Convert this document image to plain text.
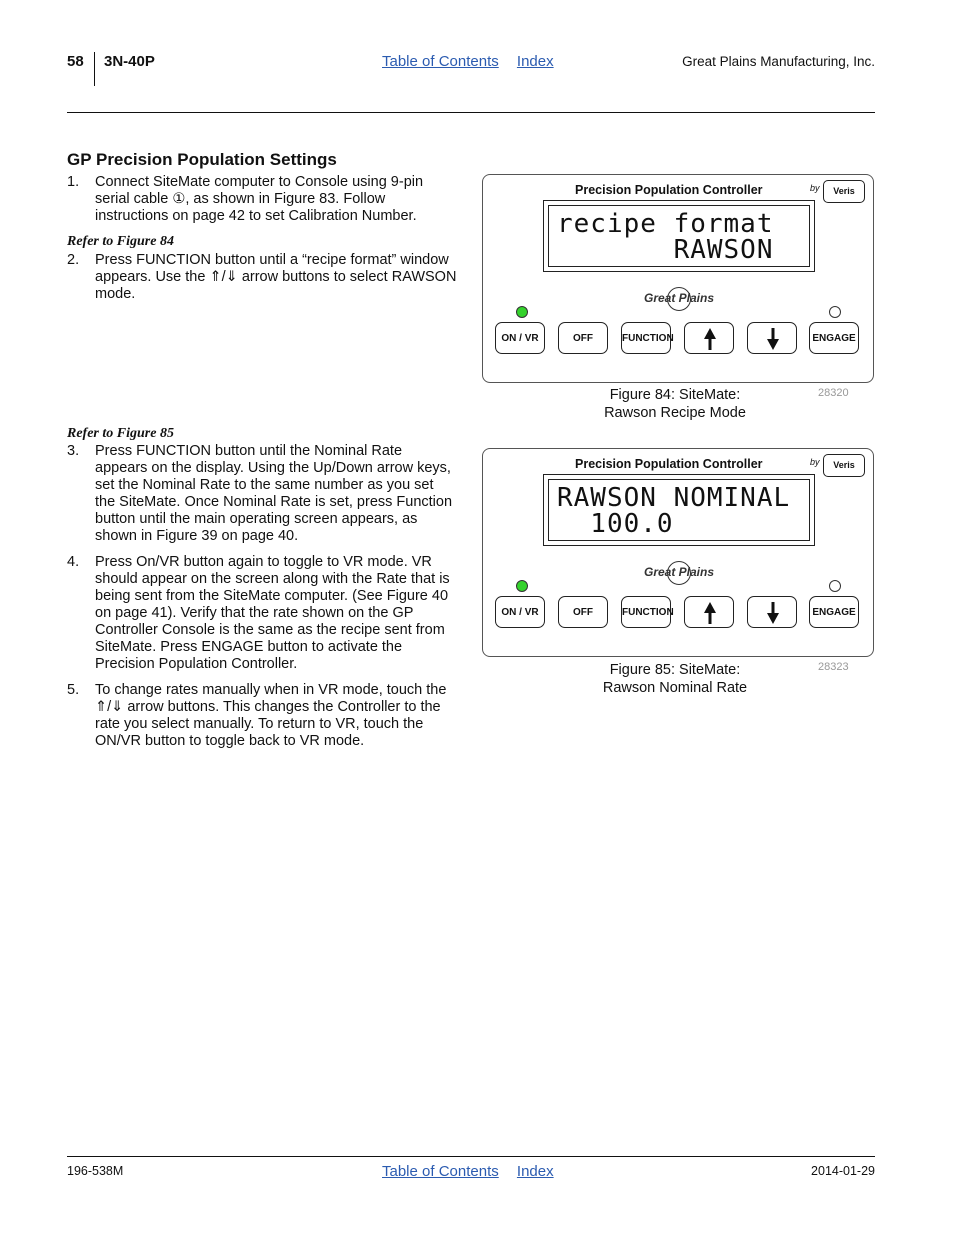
58 3N-40P	Table of Contents Index	Great Plains Manufacturing, Inc.
GP Precision Population Settings
1. Connect SiteMate computer to Console using 9-pin serial cable ①, as shown in Figure 83. Follow instructions on page 42 to set Calibration Number.
Refer to Figure 84
2. Press FUNCTION button until a “recipe format” window appears. Use the ⇑/⇓ arrow buttons to select RAWSON mode.
Refer to Figure 85
3. Press FUNCTION button until the Nominal Rate appears on the display. Using the Up/Down arrow keys, set the Nominal Rate to the same number as you set the SiteMate. Once Nominal Rate is set, press Function button until the main operating screen appears, as shown in Figure 39 on page 40.
4. Press On/VR button again to toggle to VR mode. VR should appear on the screen along with the Rate that is being sent from the SiteMate computer. (See Figure 40 on page 41). Verify that the rate shown on the GP Controller Console is the same as the recipe sent from SiteMate. Press ENGAGE button to activate the Precision Population Controller.
5. To change rates manually when in VR mode, touch the ⇑/⇓ arrow buttons. This changes the Controller to the rate you select manually. To return to VR, touch the ON/VR button to toggle back to VR mode.
Precision Population Controller	by	Veris
recipe format
RAWSON
Great Plains
ON / VR	OFF	FUNCTION	ENGAGE
Figure 84: SiteMate:
Rawson Recipe Mode
28320
Precision Population Controller	by	Veris
RAWSON NOMINAL
100.0
Great Plains
ON / VR	OFF	FUNCTION	ENGAGE
Figure 85: SiteMate:
Rawson Nominal Rate
28323
196-538M	Table of Contents Index	2014-01-29
